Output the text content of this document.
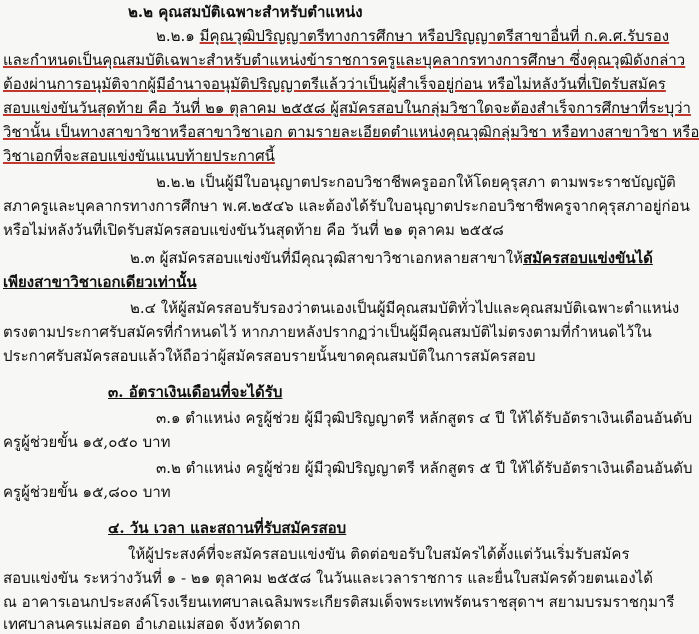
๒.๒ คุณสมบัติเฉพาะสำหรับตำแหน่ง
๒.๒.๑ มีคุณวุฒิปริญญาตรีทางการศึกษา หรือปริญญาตรีสาขาอื่นที่ ก.ค.ศ.รับรอง
และกำหนดเป็นคุณสมบัติเฉพาะสำหรับตำแหน่งข้าราชการครูและบุคลากรทางการศึกษา ซึ่งคุณวุฒิดังกล่าว
ต้องผ่านการอนุมัติจากผู้มีอำนาจอนุมัติปริญญาตรีแล้วว่าเป็นผู้สำเร็จอยู่ก่อน หรือไม่หลังวันที่เปิดรับสมัคร
สอบแข่งขันวันสุดท้าย คือ วันที่ ๒๑ ตุลาคม ๒๕๕๘ ผู้สมัครสอบในกลุ่มวิชาใดจะต้องสำเร็จการศึกษาที่ระบุว่า
วิชานั้น เป็นทางสาขาวิชาหรือสาขาวิชาเอก ตามรายละเอียดตำแหน่งคุณวุฒิกลุ่มวิชา หรือทางสาขาวิชา หรือ
วิชาเอกที่จะสอบแข่งขันแนบท้ายประกาศนี้
๒.๒.๒ เป็นผู้มีใบอนุญาตประกอบวิชาชีพครูออกให้โดยคุรุสภา ตามพระราชบัญญัติ
สภาครูและบุคลากรทางการศึกษา พ.ศ.๒๕๔๖ และต้องได้รับใบอนุญาตประกอบวิชาชีพครูจากคุรุสภาอยู่ก่อน
หรือไม่หลังวันที่เปิดรับสมัครสอบแข่งขันวันสุดท้าย คือ วันที่ ๒๑ ตุลาคม ๒๕๕๘
๒.๓ ผู้สมัครสอบแข่งขันที่มีคุณวุฒิสาขาวิชาเอกหลายสาขาให้สมัครสอบแข่งขันได้
เพียงสาขาวิชาเอกเดียวเท่านั้น
๒.๔ ให้ผู้สมัครสอบรับรองว่าตนเองเป็นผู้มีคุณสมบัติทั่วไปและคุณสมบัติเฉพาะตำแหน่ง
ตรงตามประกาศรับสมัครที่กำหนดไว้ หากภายหลังปรากฏว่าเป็นผู้มีคุณสมบัติไม่ตรงตามที่กำหนดไว้ใน
ประกาศรับสมัครสอบแล้วให้ถือว่าผู้สมัครสอบรายนั้นขาดคุณสมบัติในการสมัครสอบ
๓. อัตราเงินเดือนที่จะได้รับ
๓.๑ ตำแหน่ง ครูผู้ช่วย ผู้มีวุฒิปริญญาตรี หลักสูตร ๔ ปี ให้ได้รับอัตราเงินเดือนอันดับ
ครูผู้ช่วยขั้น ๑๕,๐๕๐ บาท
๓.๒ ตำแหน่ง ครูผู้ช่วย ผู้มีวุฒิปริญญาตรี หลักสูตร ๕ ปี ให้ได้รับอัตราเงินเดือนอันดับ
ครูผู้ช่วยขั้น ๑๕,๘๐๐ บาท
๔. วัน เวลา และสถานที่รับสมัครสอบ
ให้ผู้ประสงค์ที่จะสมัครสอบแข่งขัน ติดต่อขอรับใบสมัครได้ตั้งแต่วันเริ่มรับสมัคร
สอบแข่งขัน ระหว่างวันที่ ๑ - ๒๑ ตุลาคม ๒๕๕๘ ในวันและเวลาราชการ และยื่นใบสมัครด้วยตนเองได้
ณ อาคารเอนกประสงค์โรงเรียนเทศบาลเฉลิมพระเกียรติสมเด็จพระเทพรัตนราชสุดาฯ สยามบรมราชกุมารี
เทศบาลนครแม่สอด อำเภอแม่สอด จังหวัดตาก
